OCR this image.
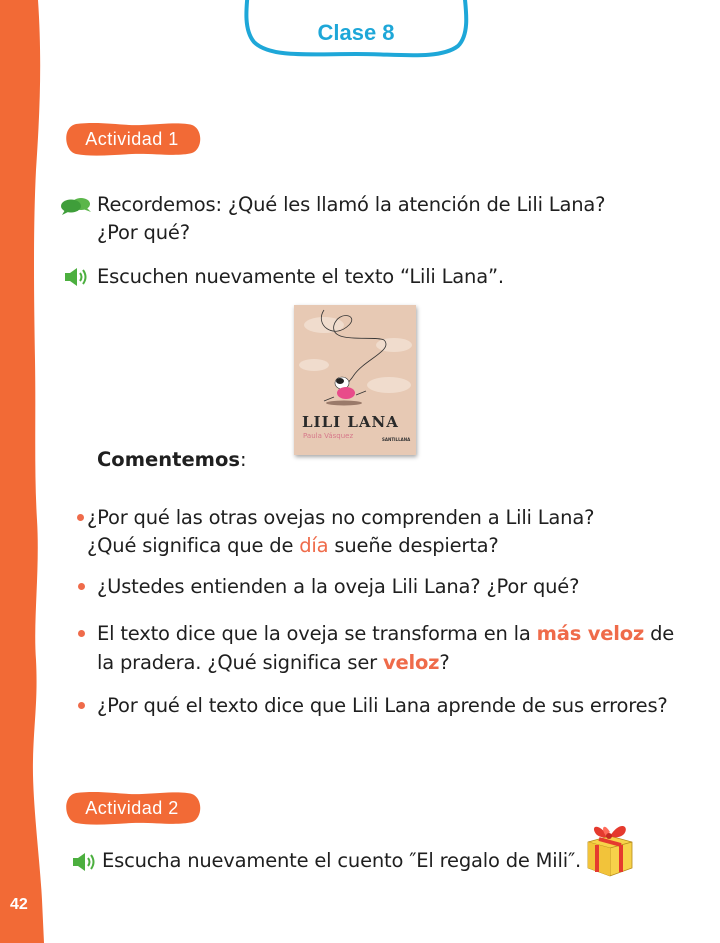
42
Clase 8
Actividad 1
Recordemos: ¿Qué les llamó la atención de Lili Lana?
¿Por qué?
Escuchen nuevamente el texto “Lili Lana”.
LILI LANA
Paula Vásquez	SANTILLANA
Comentemos:
¿Por qué las otras ovejas no comprenden a Lili Lana?
¿Qué significa que de día sueñe despierta?
¿Ustedes entienden a la oveja Lili Lana? ¿Por qué?
El texto dice que la oveja se transforma en la más veloz de
la pradera. ¿Qué significa ser veloz?
¿Por qué el texto dice que Lili Lana aprende de sus errores?
Actividad 2
Escucha nuevamente el cuento ″El regalo de Mili″.
